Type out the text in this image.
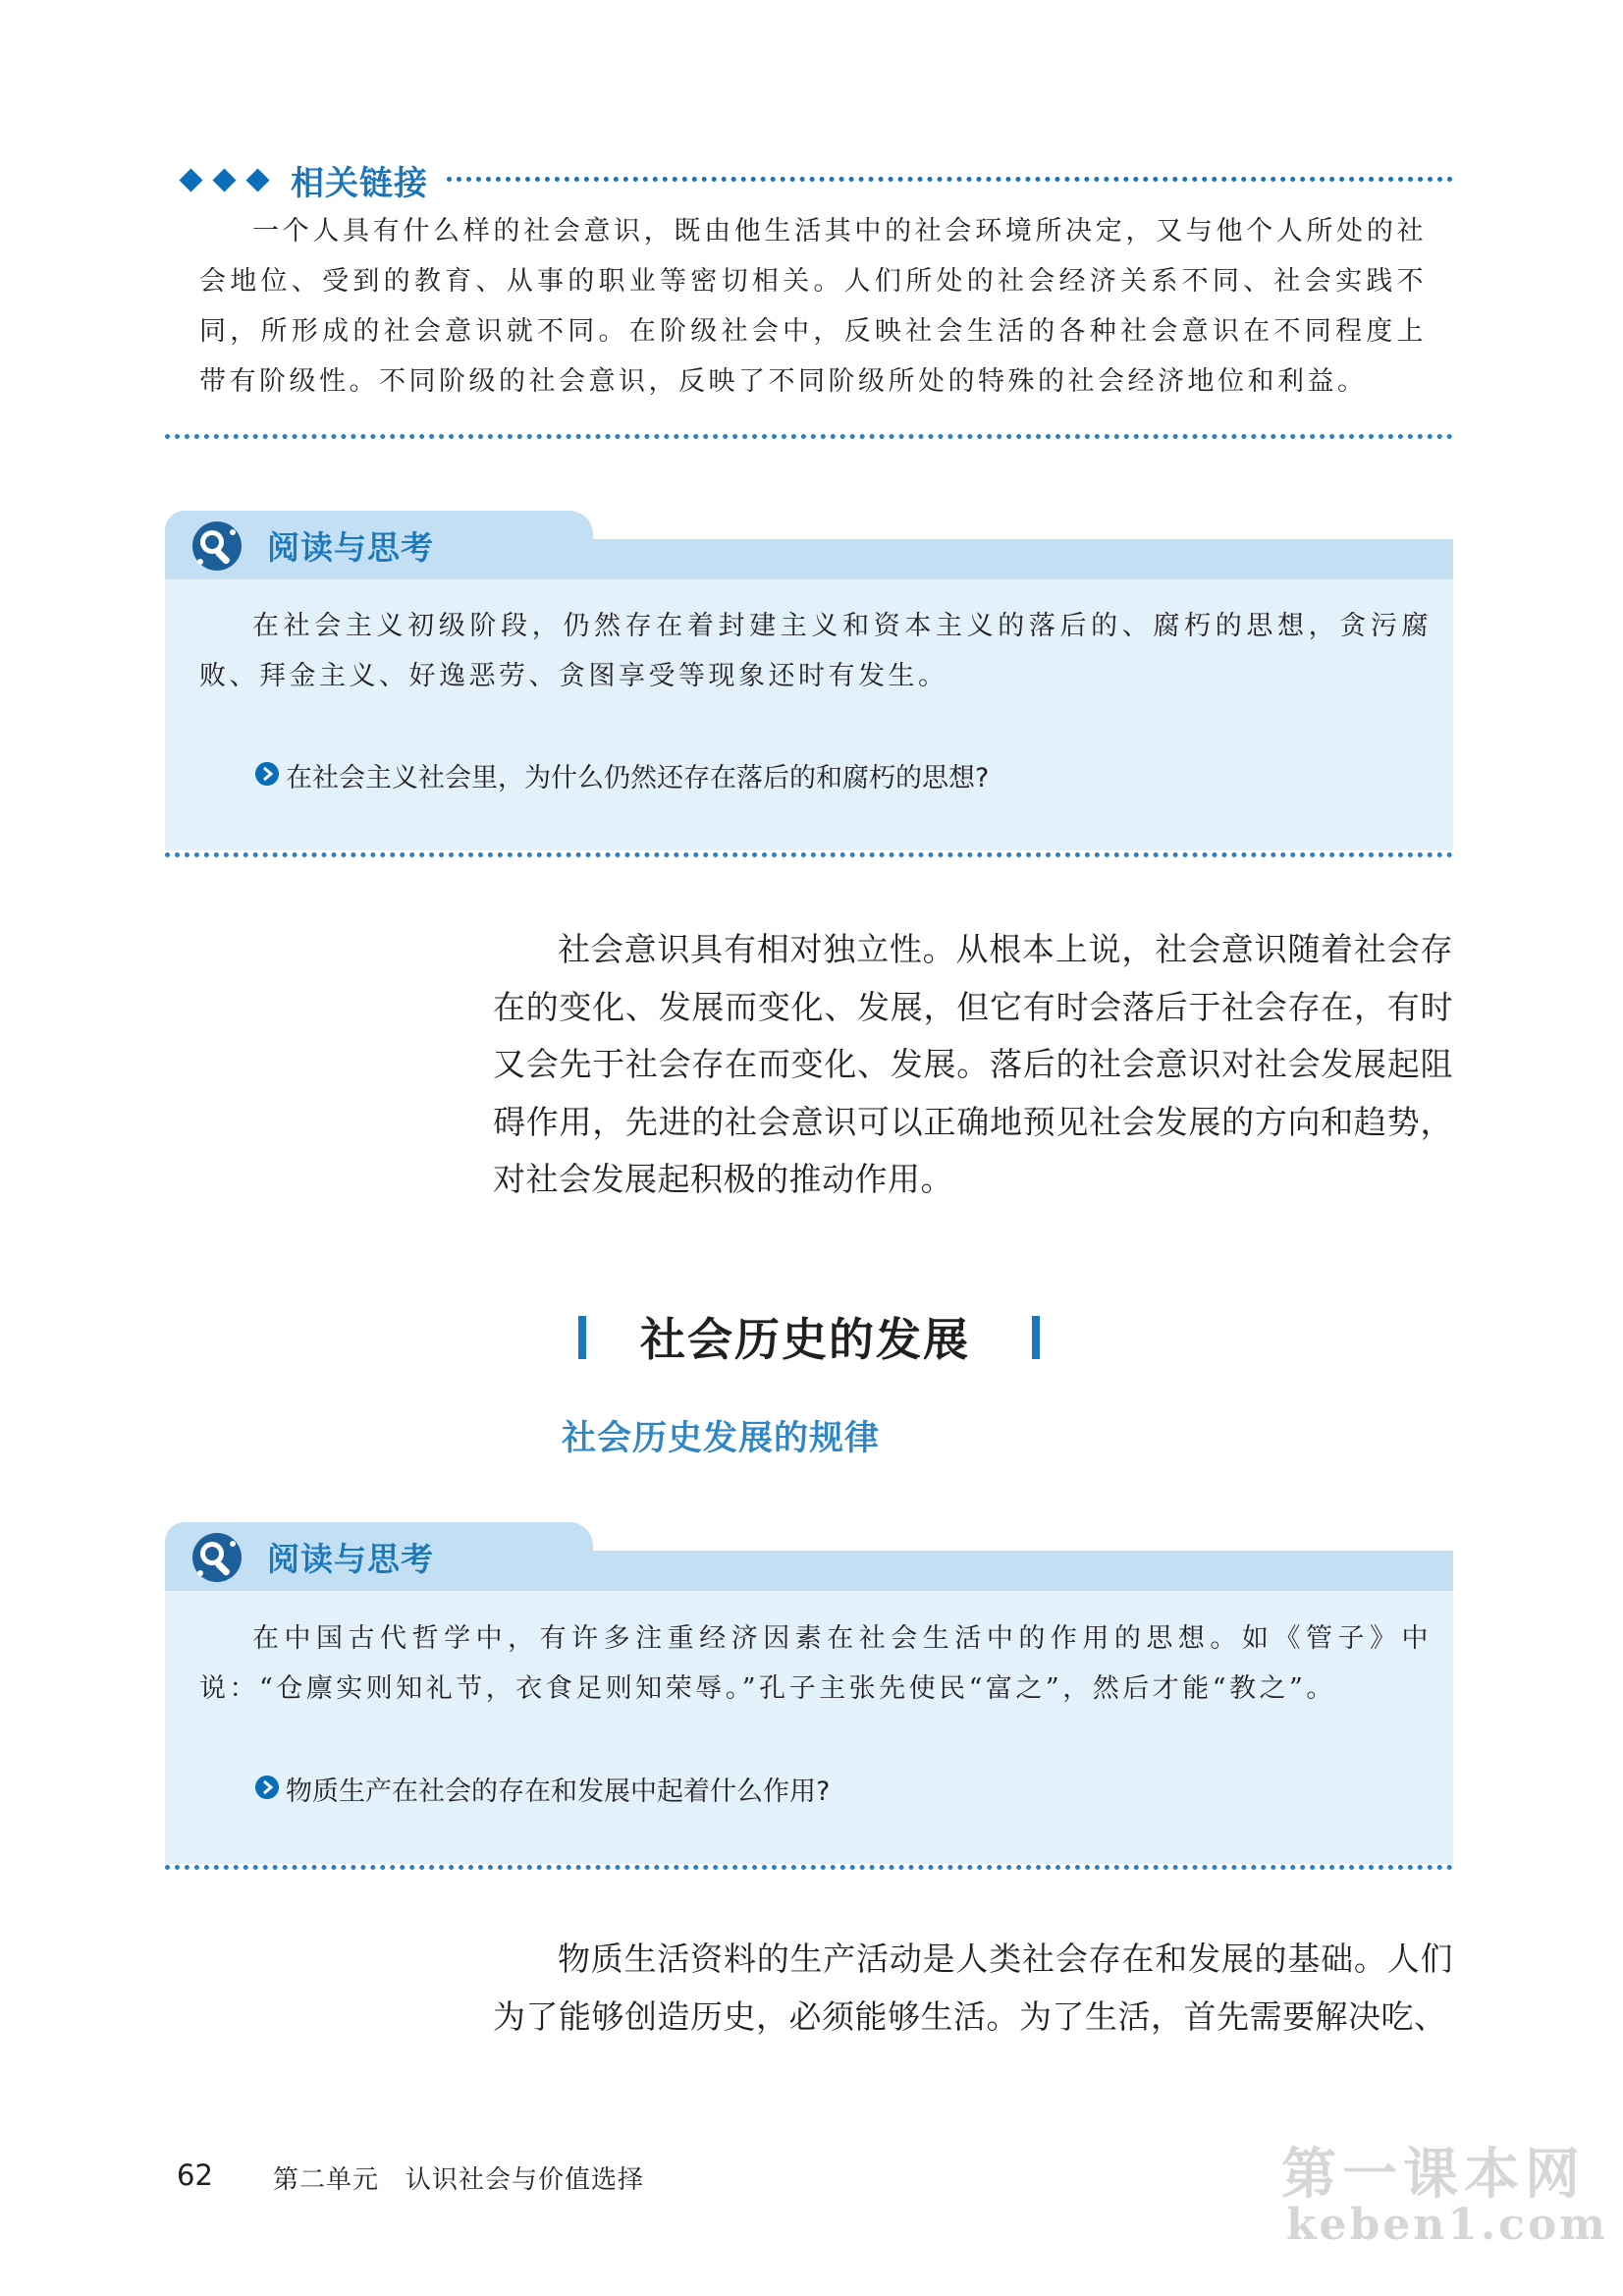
相关链接

一个人具有什么样的社会意识，既由他生活其中的社会环境所决定，又与他个人所处的社会地位、受到的教育、从事的职业等密切相关。人们所处的社会经济关系不同、社会实践不同，所形成的社会意识就不同。在阶级社会中，反映社会生活的各种社会意识在不同程度上带有阶级性。不同阶级的社会意识，反映了不同阶级所处的特殊的社会经济地位和利益。

阅读与思考

在社会主义初级阶段，仍然存在着封建主义和资本主义的落后的、腐朽的思想，贪污腐败、拜金主义、好逸恶劳、贪图享受等现象还时有发生。

在社会主义社会里，为什么仍然还存在落后的和腐朽的思想?

社会意识具有相对独立性。从根本上说，社会意识随着社会存在的变化、发展而变化、发展，但它有时会落后于社会存在，有时又会先于社会存在而变化、发展。落后的社会意识对社会发展起阻碍作用，先进的社会意识可以正确地预见社会发展的方向和趋势，对社会发展起积极的推动作用。

社会历史的发展
社会历史发展的规律
阅读与思考

在中国古代哲学中，有许多注重经济因素在社会生活中的作用的思想。如《管子》中说：“仓廪实则知礼节，衣食足则知荣辱。”孔子主张先使民“富之”，然后才能“教之”。

物质生产在社会的存在和发展中起着什么作用?

物质生活资料的生产活动是人类社会存在和发展的基础。人们为了能够创造历史，必须能够生活。为了生活，首先需要解决吃、

62 第二单元　认识社会与价值选择	第一课本网
keben1.com
